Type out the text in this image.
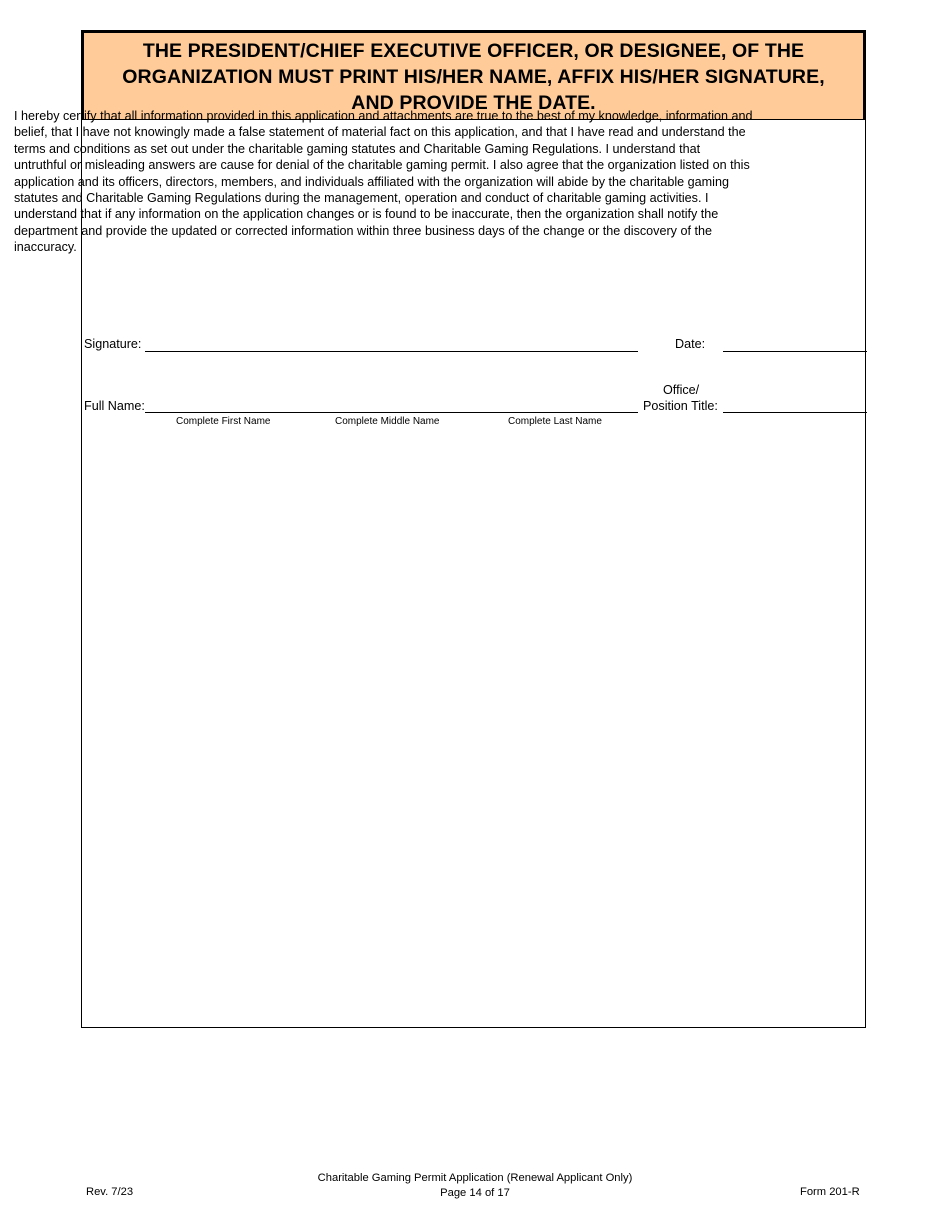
THE PRESIDENT/CHIEF EXECUTIVE OFFICER, OR DESIGNEE, OF THE
ORGANIZATION MUST PRINT HIS/HER NAME, AFFIX HIS/HER SIGNATURE,
AND PROVIDE THE DATE.
I hereby certify that all information provided in this application and attachments are true to the best of my knowledge, information and
belief, that I have not knowingly made a false statement of material fact on this application, and that I have read and understand the
terms and conditions as set out under the charitable gaming statutes and Charitable Gaming Regulations. I understand that
untruthful or misleading answers are cause for denial of the charitable gaming permit. I also agree that the organization listed on this
application and its officers, directors, members, and individuals affiliated with the organization will abide by the charitable gaming
statutes and Charitable Gaming Regulations during the management, operation and conduct of charitable gaming activities. I
understand that if any information on the application changes or is found to be inaccurate, then the organization shall notify the
department and provide the updated or corrected information within three business days of the change or the discovery of the
inaccuracy.
Signature:	Date:
Full Name:
Office/
Position Title:
Complete First Name	Complete Middle Name	Complete Last Name
Rev. 7/23
Charitable Gaming Permit Application (Renewal Applicant Only)
Page 14 of 17	Form 201-R
